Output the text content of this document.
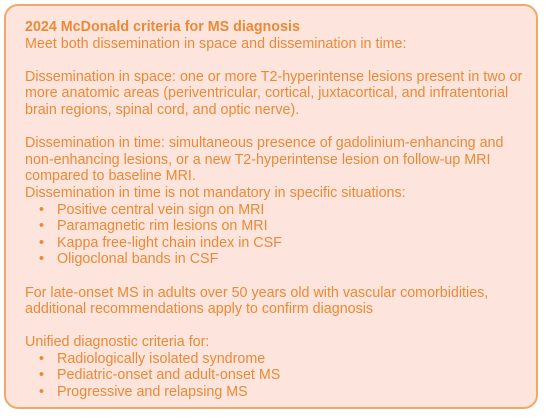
2024 McDonald criteria for MS diagnosis

Meet both dissemination in space and dissemination in time:

Dissemination in space: one or more T2-hyperintense lesions present in two or more anatomic areas (periventricular, cortical, juxtacortical, and infratentorial brain regions, spinal cord, and optic nerve).

Dissemination in time: simultaneous presence of gadolinium-enhancing and non-enhancing lesions, or a new T2-hyperintense lesion on follow-up MRI compared to baseline MRI.

Dissemination in time is not mandatory in specific situations:

• Positive central vein sign on MRI
• Paramagnetic rim lesions on MRI
• Kappa free-light chain index in CSF
• Oligoclonal bands in CSF

For late-onset MS in adults over 50 years old with vascular comorbidities, additional recommendations apply to confirm diagnosis

Unified diagnostic criteria for:

• Radiologically isolated syndrome
• Pediatric-onset and adult-onset MS
• Progressive and relapsing MS
